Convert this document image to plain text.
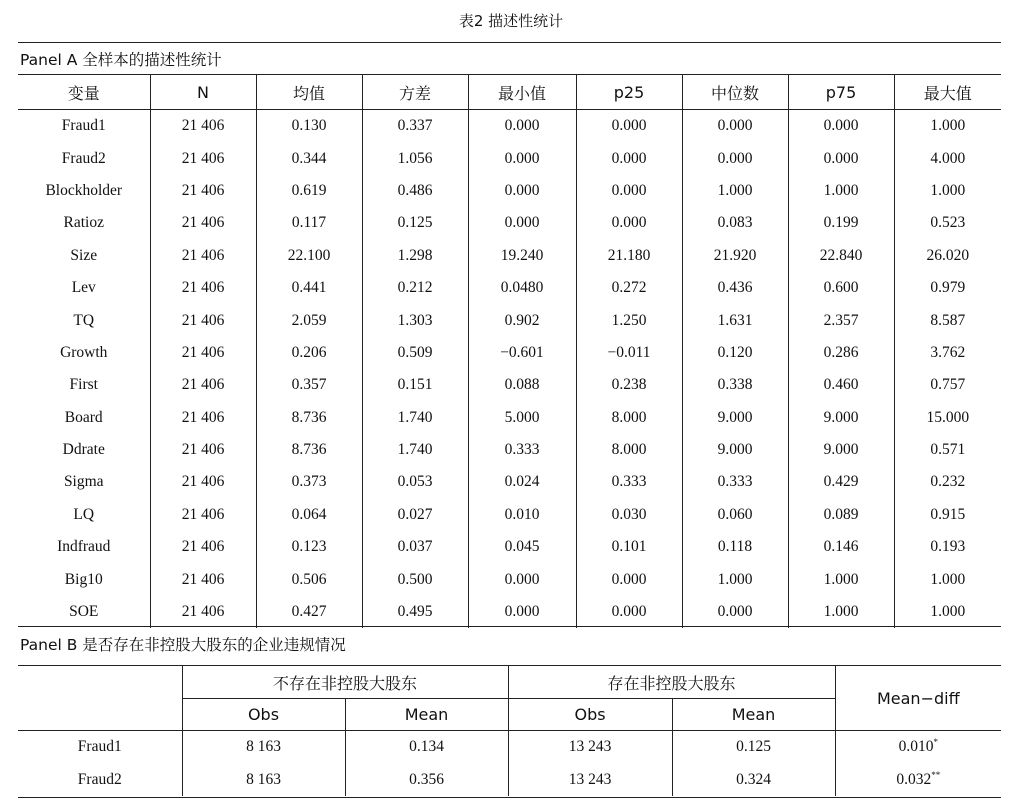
表2 描述性统计
Panel A 全样本的描述性统计
变量	N	均值	方差	最小值	p25	中位数	p75	最大值
Fraud1	21 406	0.130	0.337	0.000	0.000	0.000	0.000	1.000
Fraud2	21 406	0.344	1.056	0.000	0.000	0.000	0.000	4.000
Blockholder	21 406	0.619	0.486	0.000	0.000	1.000	1.000	1.000
Ratioz	21 406	0.117	0.125	0.000	0.000	0.083	0.199	0.523
Size	21 406	22.100	1.298	19.240	21.180	21.920	22.840	26.020
Lev	21 406	0.441	0.212	0.0480	0.272	0.436	0.600	0.979
TQ	21 406	2.059	1.303	0.902	1.250	1.631	2.357	8.587
Growth	21 406	0.206	0.509	−0.601	−0.011	0.120	0.286	3.762
First	21 406	0.357	0.151	0.088	0.238	0.338	0.460	0.757
Board	21 406	8.736	1.740	5.000	8.000	9.000	9.000	15.000
Ddrate	21 406	8.736	1.740	0.333	8.000	9.000	9.000	0.571
Sigma	21 406	0.373	0.053	0.024	0.333	0.333	0.429	0.232
LQ	21 406	0.064	0.027	0.010	0.030	0.060	0.089	0.915
Indfraud	21 406	0.123	0.037	0.045	0.101	0.118	0.146	0.193
Big10	21 406	0.506	0.500	0.000	0.000	1.000	1.000	1.000
SOE	21 406	0.427	0.495	0.000	0.000	0.000	1.000	1.000
Panel B 是否存在非控股大股东的企业违规情况
	不存在非控股大股东		存在非控股大股东		Mean−diff
	Obs	Mean	Obs	Mean	
Fraud1	8 163	0.134	13 243	0.125	0.010*
Fraud2	8 163	0.356	13 243	0.324	0.032**
